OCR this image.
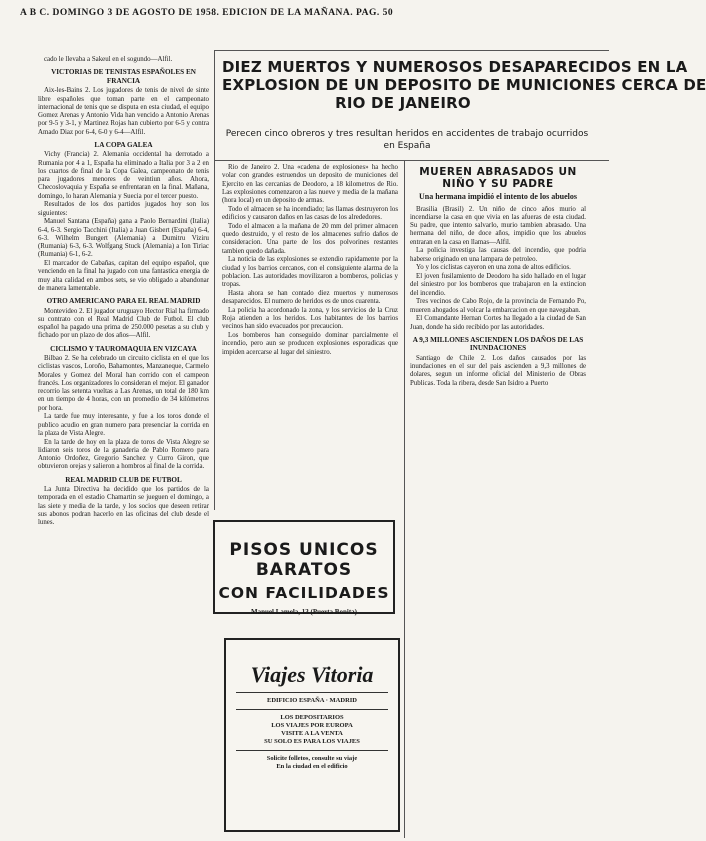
A B C. DOMINGO 3 DE AGOSTO DE 1958. EDICION DE LA MAÑANA. PAG. 50
DIEZ MUERTOS Y NUMEROSOS DESAPARECIDOS EN LA
EXPLOSION DE UN DEPOSITO DE MUNICIONES CERCA DE
RIO DE JANEIRO
Perecen cinco obreros y tres resultan heridos en accidentes de trabajo ocurridos en España
cado le llevaba a Sakeul en el sogundo—Alfil.
VICTORIAS DE TENISTAS ESPAÑOLES EN FRANCIA

Aix-les-Bains 2. Los jugadores de tenis de nivel de sinte libre españoles que toman parte en el campeonato internacional de tenis que se disputa en esta ciudad, el equipo Gomez Arenas y Antonio Vida han vencido a Antonio Arenas por 9-5 y 3-1, y Martinez Rojas han cubierto por 6-5 y contra Amado Diaz por 6-4, 6-0 y 6-4—Alfil.

LA COPA GALEA

Vichy (Francia) 2. Alemania occidental ha derrotado a Rumania por 4 a 1, España ha eliminado a Italia por 3 a 2 en los cuartos de final de la Copa Galea, campeonato de tenis para jugadores menores de veintiun años. Ahora, Checoslovaquia y España se enfrentaran en la final. Mañana, domingo, lo haran Alemania y Suecia por el tercer puesto.

Resultados de los dos partidos jugados hoy son los siguientes:

Manuel Santana (España) gana a Paolo Bernardini (Italia) 6-4, 6-3. Sergio Tacchini (Italia) a Juan Gisbert (España) 6-4, 6-3. Wilhelm Bungert (Alemania) a Dumitru Viziru (Rumania) 6-3, 6-3. Wolfgang Stuck (Alemania) a Ion Tiriac (Rumania) 6-1, 6-2.

El marcador de Cabañas, capitan del equipo español, que venciendo en la final ha jugado con una fantastica energia de muy alta calidad en ambos sets, se vio obligado a abandonar de manera lamentable.

OTRO AMERICANO PARA EL REAL MADRID

Montevideo 2. El jugador uruguayo Hector Rial ha firmado su contrato con el Real Madrid Club de Futbol. El club español ha pagado una prima de 250.000 pesetas a su club y fichado por un plazo de dos años—Alfil.

CICLISMO Y TAUROMAQUIA EN VIZCAYA

Bilbao 2. Se ha celebrado un circuito ciclista en el que los ciclistas vascos, Loroño, Bahamontes, Manzaneque, Carmelo Morales y Gomez del Moral han corrido con el campeon francés. Los organizadores lo consideran el mejor. El ganador recorrio las setenta vueltas a Las Arenas, un total de 180 km en un tiempo de 4 horas, con un promedio de 34 kilómetros por hora.

La tarde fue muy interesante, y fue a los toros donde el publico acudio en gran numero para presenciar la corrida en la plaza de Vista Alegre.

En la tarde de hoy en la plaza de toros de Vista Alegre se lidiaron seis toros de la ganaderia de Pablo Romero para Antonio Ordoñez, Gregorio Sanchez y Curro Giron, que obtuvieron orejas y salieron a hombros al final de la corrida.

REAL MADRID CLUB DE FUTBOL

La Junta Directiva ha decidido que los partidos de la temporada en el estadio Chamartin se jueguen el domingo, a las siete y media de la tarde, y los socios que deseen retirar sus abonos podran hacerlo en las oficinas del club desde el lunes.

Rio de Janeiro 2. Una «cadena de explosiones» ha hecho volar con grandes estruendos un deposito de municiones del Ejercito en las cercanias de Deodoro, a 18 kilometros de Rio. Las explosiones comenzaron a las nueve y media de la mañana (hora local) en un deposito de armas.

Todo el almacen se ha incendiado; las llamas destruyeron los edificios y causaron daños en las casas de los alrededores.

Todo el almacen a la mañana de 20 mm del primer almacen quedo destruido, y el resto de los almacenes sufrio daños de consideracion. Una parte de los dos polvorines restantes tambien quedo dañada.

La noticia de las explosiones se extendio rapidamente por la ciudad y los barrios cercanos, con el consiguiente alarma de la poblacion. Las autoridades movilizaron a bomberos, policias y tropas.

Hasta ahora se han contado diez muertos y numerosos desaparecidos. El numero de heridos es de unos cuarenta.

La policia ha acordonado la zona, y los servicios de la Cruz Roja atienden a los heridos. Los habitantes de los barrios vecinos han sido evacuados por precaucion.

Los bomberos han conseguido dominar parcialmente el incendio, pero aun se producen explosiones esporadicas que impiden acercarse al lugar del siniestro.

MUEREN ABRASADOS UN NIÑO Y SU PADRE
Una hermana impidió el intento de los abuelos

Brasilia (Brasil) 2. Un niño de cinco años murio al incendiarse la casa en que vivia en las afueras de esta ciudad. Su padre, que intento salvarlo, murio tambien abrasado. Una hermana del niño, de doce años, impidio que los abuelos entraran en la casa en llamas—Alfil.

La policia investiga las causas del incendio, que podria haberse originado en una lampara de petroleo.

Yo y los ciclistas cayeron en una zona de altos edificios.

El joven fusilamiento de Deodoro ha sido hallado en el lugar del siniestro por los bomberos que trabajaron en la extincion del incendio.

Tres vecinos de Cabo Rojo, de la provincia de Fernando Po, mueren ahogados al volcar la embarcacion en que navegaban.

El Comandante Hernan Cortes ha llegado a la ciudad de San Juan, donde ha sido recibido por las autoridades.

A 9,3 MILLONES ASCIENDEN LOS DAÑOS DE LAS INUNDACIONES

Santiago de Chile 2. Los daños causados por las inundaciones en el sur del pais ascienden a 9,3 millones de dolares, segun un informe oficial del Ministerio de Obras Publicas. Toda la ribera, desde San Isidro a Puerto

PISOS UNICOS
BARATOS
CON FACILIDADES
Manuel Lamela, 13 (Puerta Bonita)
Viajes Vitoria
EDIFICIO ESPAÑA · MADRID
LOS DEPOSITARIOS
LOS VIAJES POR EUROPA
VISITE A LA VENTA
SU SOLO ES PARA LOS VIAJES
Solicite folletos, consulte su viaje
En la ciudad en el edificio
